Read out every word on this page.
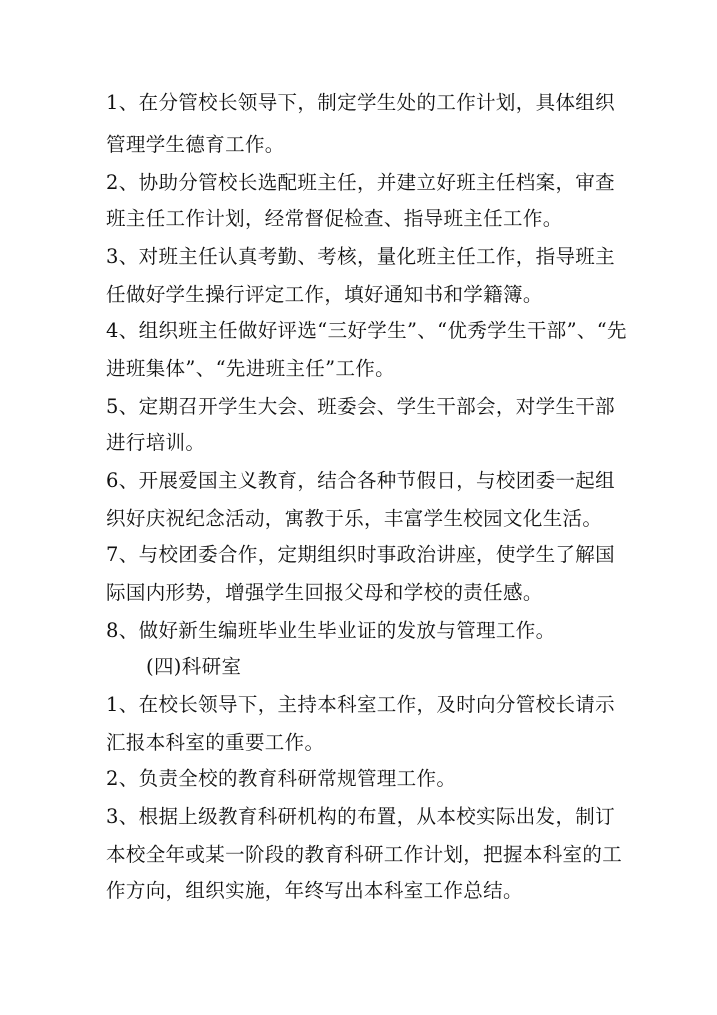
1、在分管校长领导下，制定学生处的工作计划，具体组织
管理学生德育工作。
2、协助分管校长选配班主任，并建立好班主任档案，审查
班主任工作计划，经常督促检查、指导班主任工作。
3、对班主任认真考勤、考核，量化班主任工作，指导班主
任做好学生操行评定工作，填好通知书和学籍簿。
4、组织班主任做好评选“三好学生”、“优秀学生干部”、“先
进班集体”、“先进班主任”工作。
5、定期召开学生大会、班委会、学生干部会，对学生干部
进行培训。
6、开展爱国主义教育，结合各种节假日，与校团委一起组
织好庆祝纪念活动，寓教于乐，丰富学生校园文化生活。
7、与校团委合作，定期组织时事政治讲座，使学生了解国
际国内形势，增强学生回报父母和学校的责任感。
8、做好新生编班毕业生毕业证的发放与管理工作。
(四)科研室
1、在校长领导下，主持本科室工作，及时向分管校长请示
汇报本科室的重要工作。
2、负责全校的教育科研常规管理工作。
3、根据上级教育科研机构的布置，从本校实际出发，制订
本校全年或某一阶段的教育科研工作计划，把握本科室的工
作方向，组织实施，年终写出本科室工作总结。
